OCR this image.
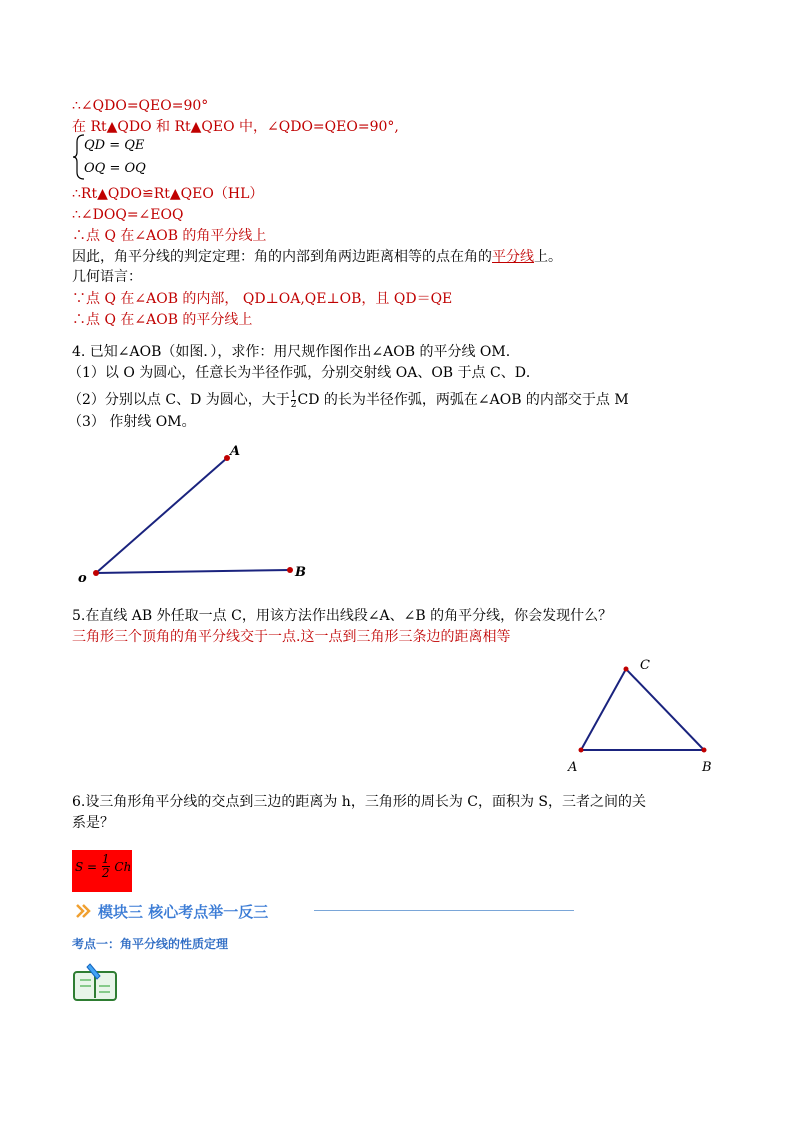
∴∠QDO=QEO=90°
在 Rt▲QDO 和 Rt▲QEO 中，∠QDO=QEO=90°,
QD = QE
OQ = OQ
∴Rt▲QDO≌Rt▲QEO（HL）
∴∠DOQ=∠EOQ
∴点 Q 在∠AOB 的角平分线上
因此，角平分线的判定定理：角的内部到角两边距离相等的点在角的平分线上。
几何语言：
∵点 Q 在∠AOB 的内部， QD⊥OA,QE⊥OB，且 QD＝QE
∴点 Q 在∠AOB 的平分线上
4. 已知∠AOB（如图．），求作：用尺规作图作出∠AOB 的平分线 OM.
（1）以 O 为圆心，任意长为半径作弧，分别交射线 OA、OB 于点 C、D．
（2）分别以点 C、D 为圆心，大于 $\frac{1}{2}$ CD 的长为半径作弧，两弧在∠AOB 的内部交于点 M
（3） 作射线 OM。
A
o	B
5.在直线 AB 外任取一点 C，用该方法作出线段∠A、∠B 的角平分线，你会发现什么？
三角形三个顶角的角平分线交于一点.这一点到三角形三条边的距离相等
C
A	B
6.设三角形角平分线的交点到三边的距离为 h，三角形的周长为 C，面积为 S，三者之间的关
系是？
$S = \frac{1}{2}$ Ch
模块三 核心考点举一反三
考点一：角平分线的性质定理
